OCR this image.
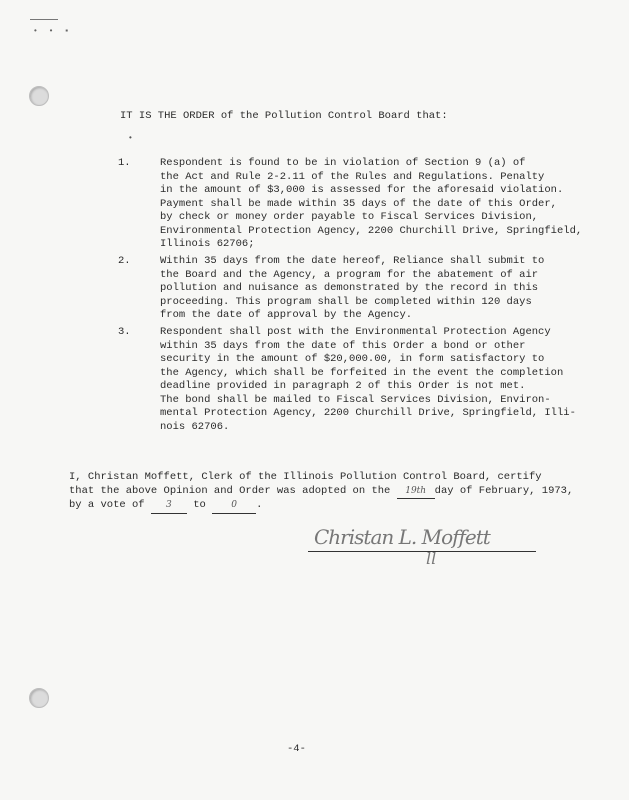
• • ▪
IT IS THE ORDER of the Pollution Control Board that:
•
1.	Respondent is found to be in violation of Section 9 (a) of
the Act and Rule 2-2.11 of the Rules and Regulations. Penalty
in the amount of $3,000 is assessed for the aforesaid violation.
Payment shall be made within 35 days of the date of this Order,
by check or money order payable to Fiscal Services Division,
Environmental Protection Agency, 2200 Churchill Drive, Springfield,
Illinois 62706;
2.	Within 35 days from the date hereof, Reliance shall submit to
the Board and the Agency, a program for the abatement of air
pollution and nuisance as demonstrated by the record in this
proceeding. This program shall be completed within 120 days
from the date of approval by the Agency.
3.	Respondent shall post with the Environmental Protection Agency
within 35 days from the date of this Order a bond or other
security in the amount of $20,000.00, in form satisfactory to
the Agency, which shall be forfeited in the event the completion
deadline provided in paragraph 2 of this Order is not met.
The bond shall be mailed to Fiscal Services Division, Environ-
mental Protection Agency, 2200 Churchill Drive, Springfield, Illi-
nois 62706.
I, Christan Moffett, Clerk of the Illinois Pollution Control Board, certify
that the above Opinion and Order was adopted on the 19th day of February, 1973,
by a vote of 3 to 0 .
Christan L. Moffett
ll
-4-
